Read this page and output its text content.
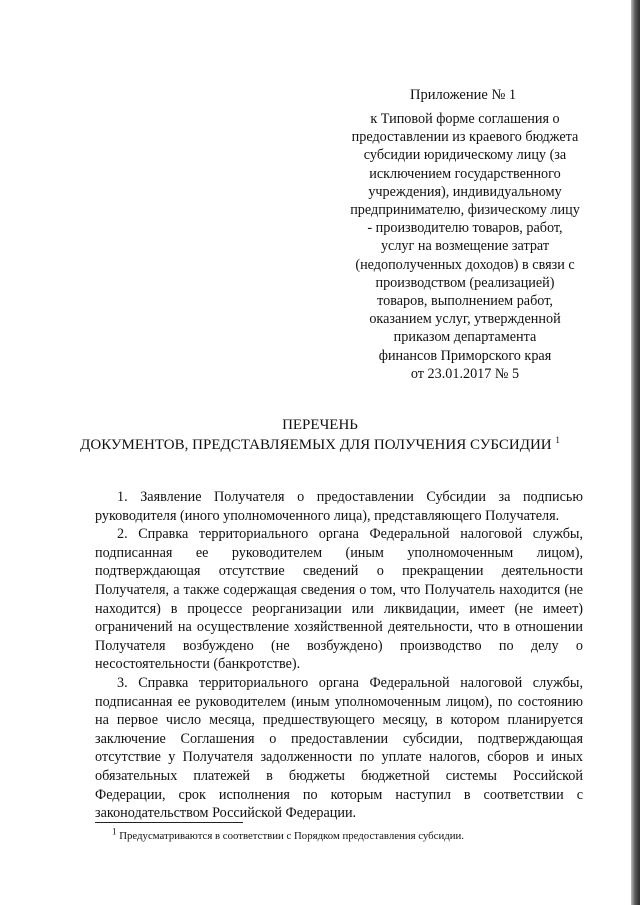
Приложение № 1
к Типовой форме соглашения о
предоставлении из краевого бюджета
субсидии юридическому лицу (за
исключением государственного
учреждения), индивидуальному
предпринимателю, физическому лицу
- производителю товаров, работ,
услуг на возмещение затрат
(недополученных доходов) в связи с
производством (реализацией)
товаров, выполнением работ,
оказанием услуг, утвержденной
приказом департамента
финансов Приморского края
от 23.01.2017 № 5
ПЕРЕЧЕНЬ
ДОКУМЕНТОВ, ПРЕДСТАВЛЯЕМЫХ ДЛЯ ПОЛУЧЕНИЯ СУБСИДИИ $^1$
1. Заявление Получателя о предоставлении Субсидии за подписью
руководителя (иного уполномоченного лица), представляющего Получателя.
2. Справка территориального органа Федеральной налоговой службы,
подписанная ее руководителем (иным уполномоченным лицом),
подтверждающая отсутствие сведений о прекращении деятельности
Получателя, а также содержащая сведения о том, что Получатель находится (не
находится) в процессе реорганизации или ликвидации, имеет (не имеет)
ограничений на осуществление хозяйственной деятельности, что в отношении
Получателя возбуждено (не возбуждено) производство по делу о
несостоятельности (банкротстве).
3. Справка территориального органа Федеральной налоговой службы,
подписанная ее руководителем (иным уполномоченным лицом), по состоянию
на первое число месяца, предшествующего месяцу, в котором планируется
заключение Соглашения о предоставлении субсидии, подтверждающая
отсутствие у Получателя задолженности по уплате налогов, сборов и иных
обязательных платежей в бюджеты бюджетной системы Российской
Федерации, срок исполнения по которым наступил в соответствии с
законодательством Российской Федерации.
$^1$ Предусматриваются в соответствии с Порядком предоставления субсидии.
